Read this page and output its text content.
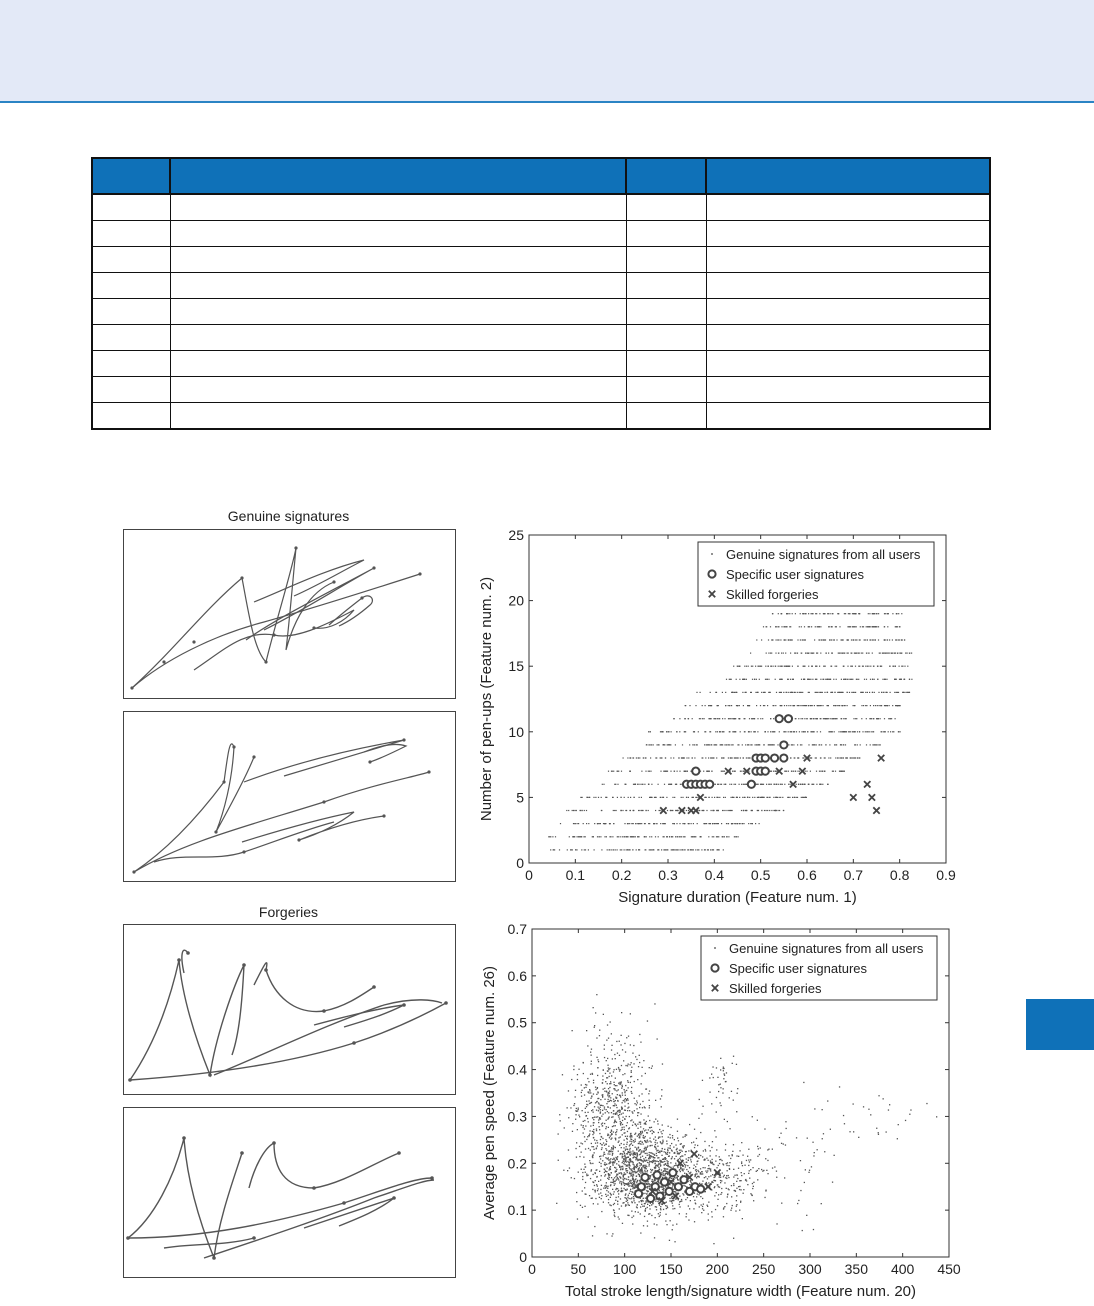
Genuine signatures
Forgeries
0 0.1 0.2 0.3 0.4 0.5 0.6 0.7 0.8 0.9
0
5
10
15
20
25
Signature duration (Feature num. 1)
Number of pen-ups (Feature num. 2)
Genuine signatures from all users
Specific user signatures
Skilled forgeries
0 50 100 150 200 250 300 350 400 450
0
0.1
0.2
0.3
0.4
0.5
0.6
0.7
Total stroke length/signature width (Feature num. 20)
Average pen speed (Feature num. 26)
Genuine signatures from all users
Specific user signatures
Skilled forgeries
